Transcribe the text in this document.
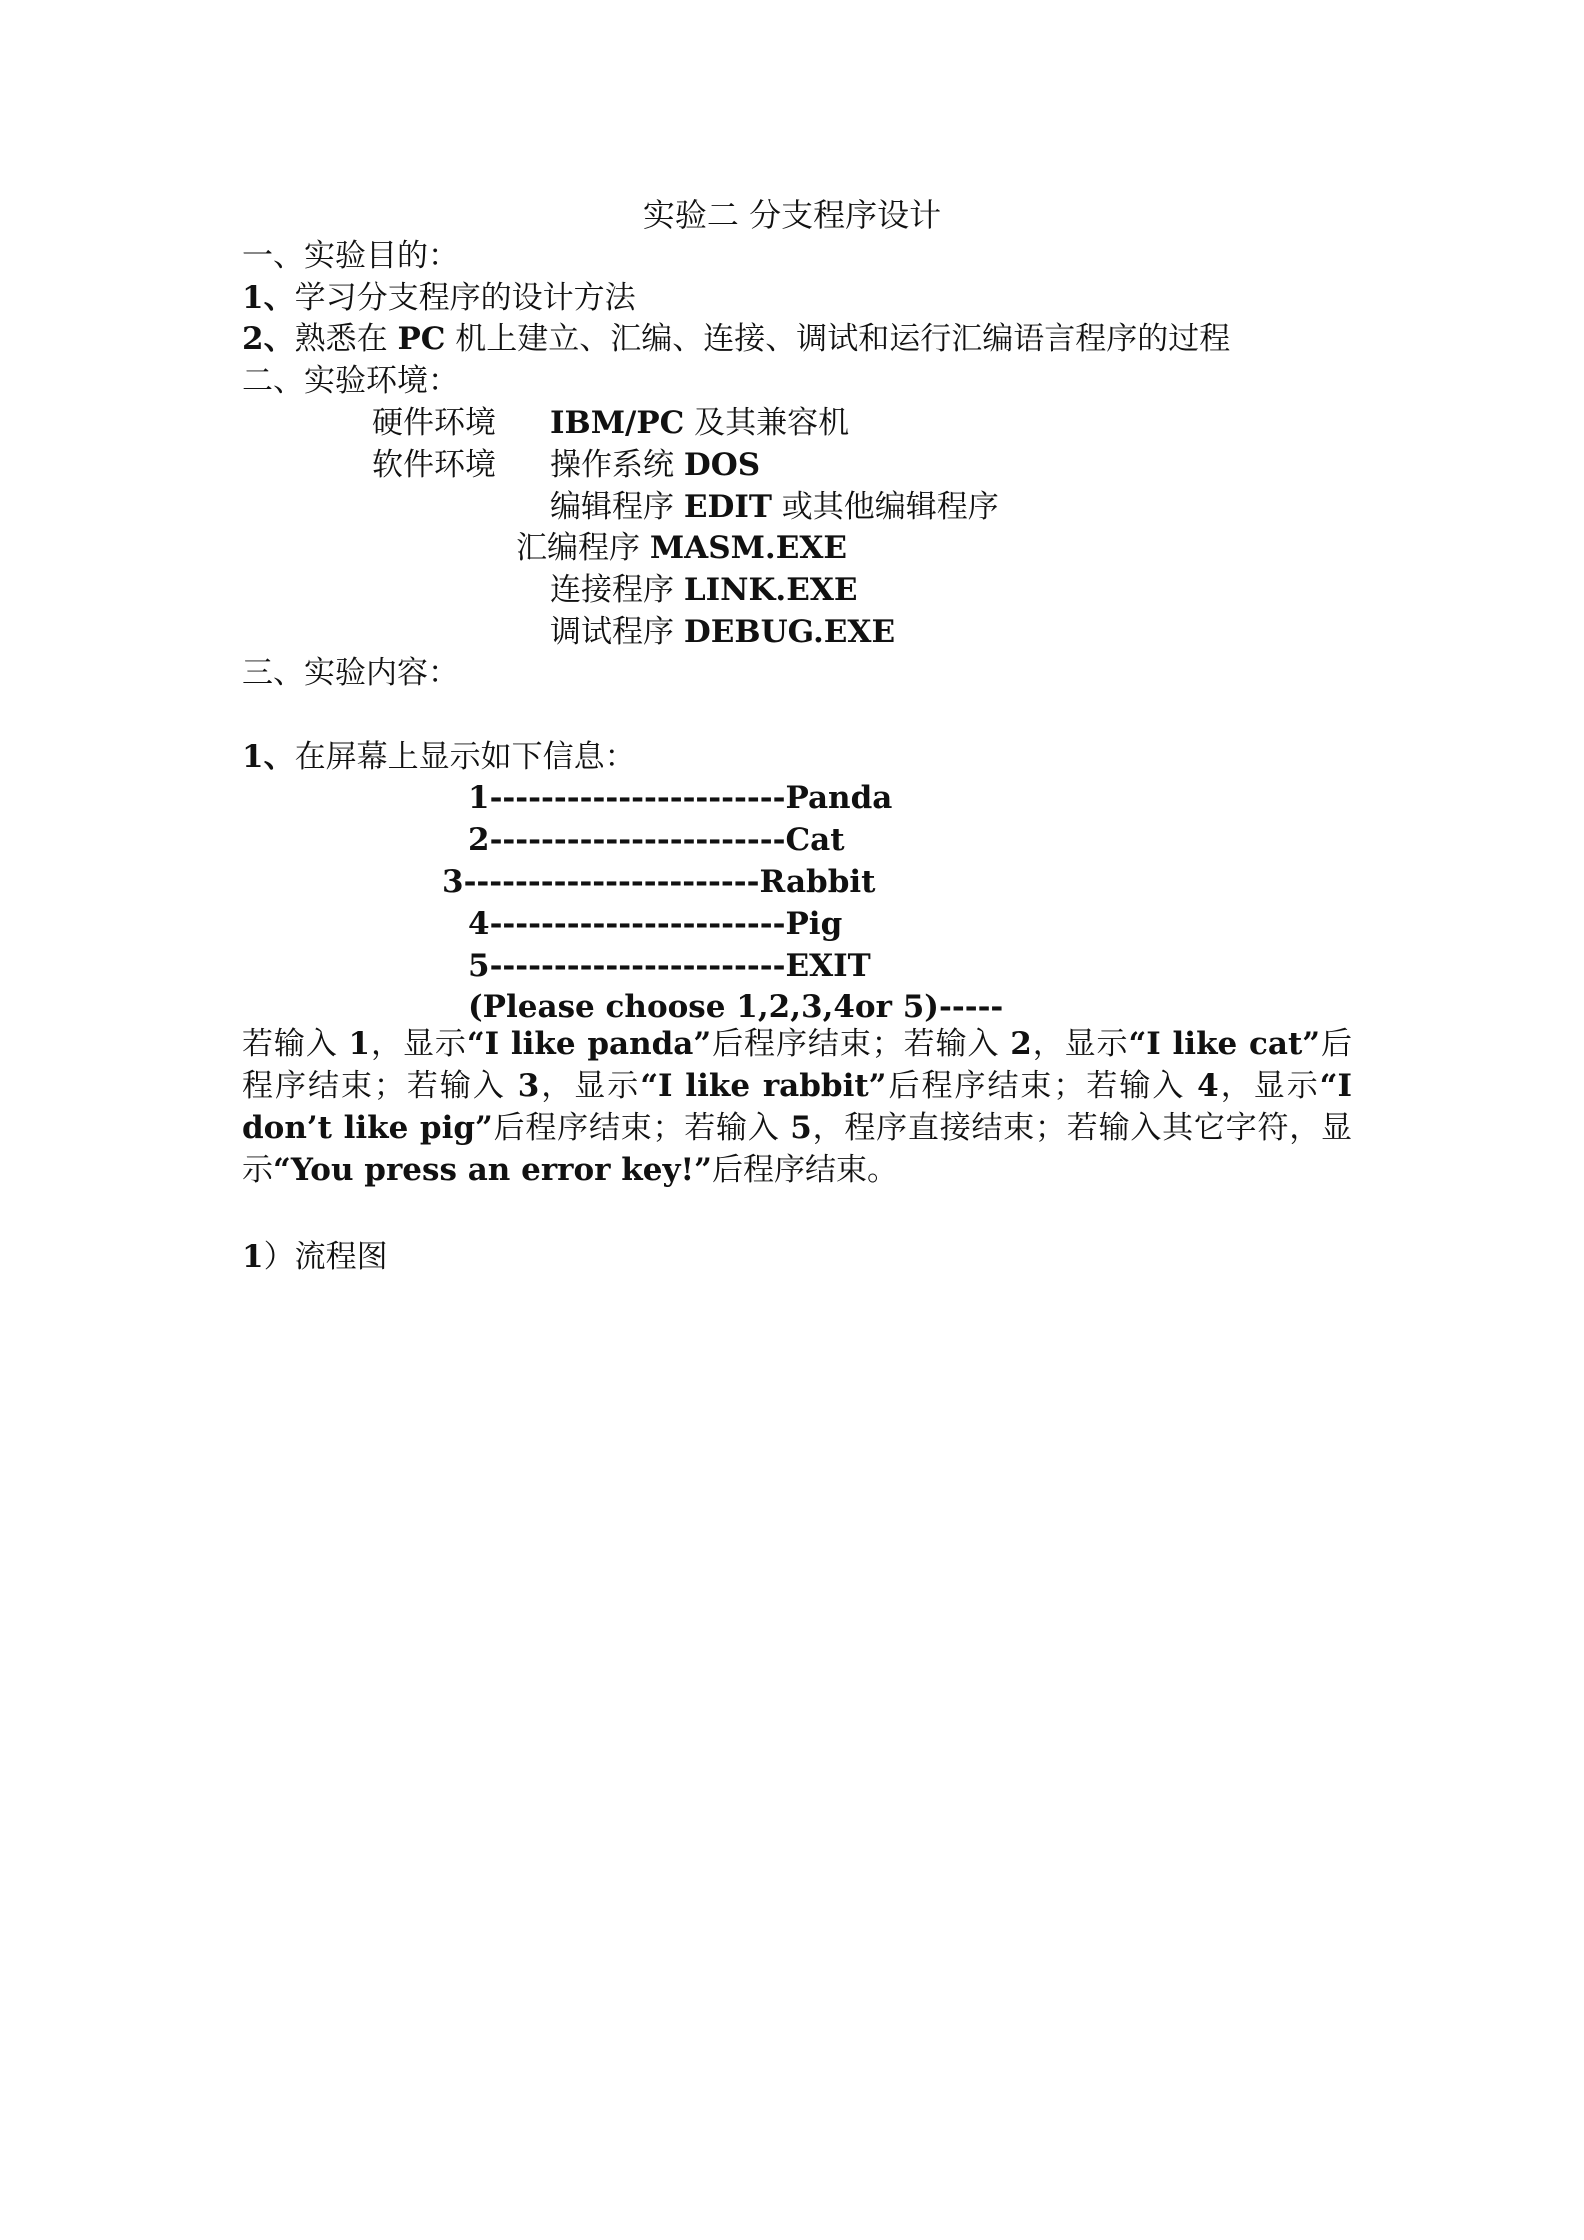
实验二 分支程序设计
一、实验目的：
1、学习分支程序的设计方法
2、熟悉在 PC 机上建立、汇编、连接、调试和运行汇编语言程序的过程
二、实验环境：
硬件环境 IBM/PC 及其兼容机
软件环境 操作系统 DOS
编辑程序 EDIT 或其他编辑程序
汇编程序 MASM.EXE
连接程序 LINK.EXE
调试程序 DEBUG.EXE
三、实验内容：
1、在屏幕上显示如下信息：
1-----------------------Panda
2-----------------------Cat
3-----------------------Rabbit
4-----------------------Pig
5-----------------------EXIT
(Please choose 1,2,3,4or 5)-----
若输入 1，显示“I like panda”后程序结束；若输入 2，显示“I like cat”后程序结束；若输入 3，显示“I like rabbit”后程序结束；若输入 4，显示“I don’t like pig”后程序结束；若输入 5，程序直接结束；若输入其它字符，显示“You press an error key!”后程序结束。
1）流程图
